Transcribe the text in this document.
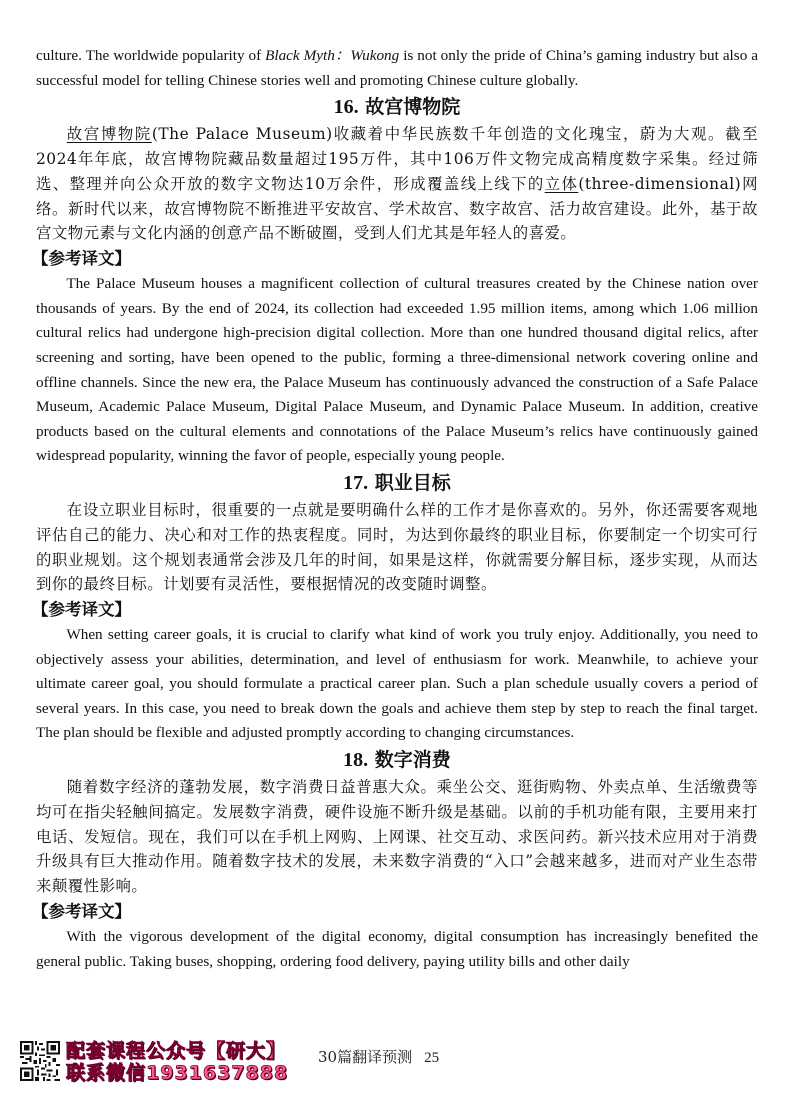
culture. The worldwide popularity of Black Myth：Wukong is not only the pride of China’s gaming industry but also a successful model for telling Chinese stories well and promoting Chinese culture globally.

16. 故宫博物院

故宫博物院(The Palace Museum)收藏着中华民族数千年创造的文化瑰宝，蔚为大观。截至2024年年底，故宫博物院藏品数量超过195万件，其中106万件文物完成高精度数字采集。经过筛选、整理并向公众开放的数字文物达10万余件，形成覆盖线上线下的立体(three-dimensional)网络。新时代以来，故宫博物院不断推进平安故宫、学术故宫、数字故宫、活力故宫建设。此外，基于故宫文物元素与文化内涵的创意产品不断破圈，受到人们尤其是年轻人的喜爱。

【参考译文】

The Palace Museum houses a magnificent collection of cultural treasures created by the Chinese nation over thousands of years. By the end of 2024, its collection had exceeded 1.95 million items, among which 1.06 million cultural relics had undergone high-precision digital collection. More than one hundred thousand digital relics, after screening and sorting, have been opened to the public, forming a three-dimensional network covering online and offline channels. Since the new era, the Palace Museum has continuously advanced the construction of a Safe Palace Museum, Academic Palace Museum, Digital Palace Museum, and Dynamic Palace Museum. In addition, creative products based on the cultural elements and connotations of the Palace Museum’s relics have continuously gained widespread popularity, winning the favor of people, especially young people.

17. 职业目标

在设立职业目标时，很重要的一点就是要明确什么样的工作才是你喜欢的。另外，你还需要客观地评估自己的能力、决心和对工作的热衷程度。同时，为达到你最终的职业目标，你要制定一个切实可行的职业规划。这个规划表通常会涉及几年的时间，如果是这样，你就需要分解目标，逐步实现，从而达到你的最终目标。计划要有灵活性，要根据情况的改变随时调整。

【参考译文】

When setting career goals, it is crucial to clarify what kind of work you truly enjoy. Additionally, you need to objectively assess your abilities, determination, and level of enthusiasm for work. Meanwhile, to achieve your ultimate career goal, you should formulate a practical career plan. Such a plan schedule usually covers a period of several years. In this case, you need to break down the goals and achieve them step by step to reach the final target. The plan should be flexible and adjusted promptly according to changing circumstances.

18. 数字消费

随着数字经济的蓬勃发展，数字消费日益普惠大众。乘坐公交、逛街购物、外卖点单、生活缴费等均可在指尖轻触间搞定。发展数字消费，硬件设施不断升级是基础。以前的手机功能有限，主要用来打电话、发短信。现在，我们可以在手机上网购、上网课、社交互动、求医问药。新兴技术应用对于消费升级具有巨大推动作用。随着数字技术的发展，未来数字消费的“入口”会越来越多，进而对产业生态带来颠覆性影响。

【参考译文】

With the vigorous development of the digital economy, digital consumption has increasingly benefited the general public. Taking buses, shopping, ordering food delivery, paying utility bills and other daily

配套课程公众号【研大】
联系微信1931637888
30篇翻译预测 25
